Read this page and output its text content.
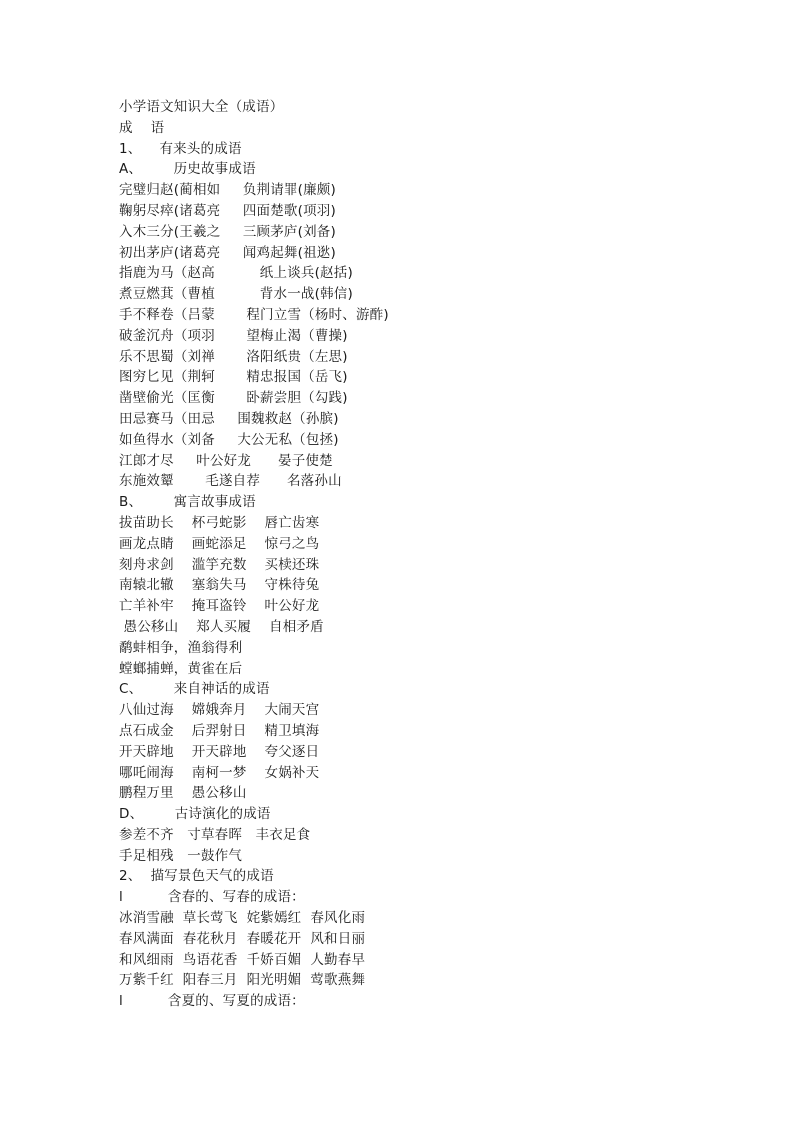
小学语文知识大全（成语）
成    语
1、    有来头的成语
A、       历史故事成语
完璧归赵(蔺相如     负荆请罪(廉颇)
鞠躬尽瘁(诸葛亮     四面楚歌(项羽)
入木三分(王羲之     三顾茅庐(刘备)
初出茅庐(诸葛亮     闻鸡起舞(祖逖)
指鹿为马（赵高          纸上谈兵(赵括)
煮豆燃萁（曹植          背水一战(韩信)
手不释卷（吕蒙       程门立雪（杨时、游酢)
破釜沉舟（项羽       望梅止渴（曹操)
乐不思蜀（刘禅       洛阳纸贵（左思)
图穷匕见（荆轲       精忠报国（岳飞)
凿壁偷光（匡衡       卧薪尝胆（勾践)
田忌赛马（田忌     围魏救赵（孙膑)
如鱼得水（刘备     大公无私（包拯)
江郎才尽     叶公好龙      晏子使楚
东施效颦       毛遂自荐      名落孙山
B、       寓言故事成语
拔苗助长    杯弓蛇影    唇亡齿寒
画龙点睛    画蛇添足    惊弓之鸟
刻舟求剑    滥竽充数    买椟还珠
南辕北辙    塞翁失马    守株待兔
亡羊补牢    掩耳盗铃    叶公好龙
愚公移山    郑人买履    自相矛盾
鹬蚌相争，渔翁得利
螳螂捕蝉，黄雀在后
C、       来自神话的成语
八仙过海    嫦娥奔月    大闹天宫
点石成金    后羿射日    精卫填海
开天辟地    开天辟地    夸父逐日
哪吒闹海    南柯一梦    女娲补天
鹏程万里    愚公移山
D、       古诗演化的成语
参差不齐   寸草春晖   丰衣足食
手足相残   一鼓作气
2、  描写景色天气的成语
l          含春的、写春的成语：
冰消雪融  草长莺飞  姹紫嫣红  春风化雨
春风满面  春花秋月  春暖花开  风和日丽
和风细雨  鸟语花香  千娇百媚  人勤春早
万紫千红  阳春三月  阳光明媚  莺歌燕舞
l          含夏的、写夏的成语：
